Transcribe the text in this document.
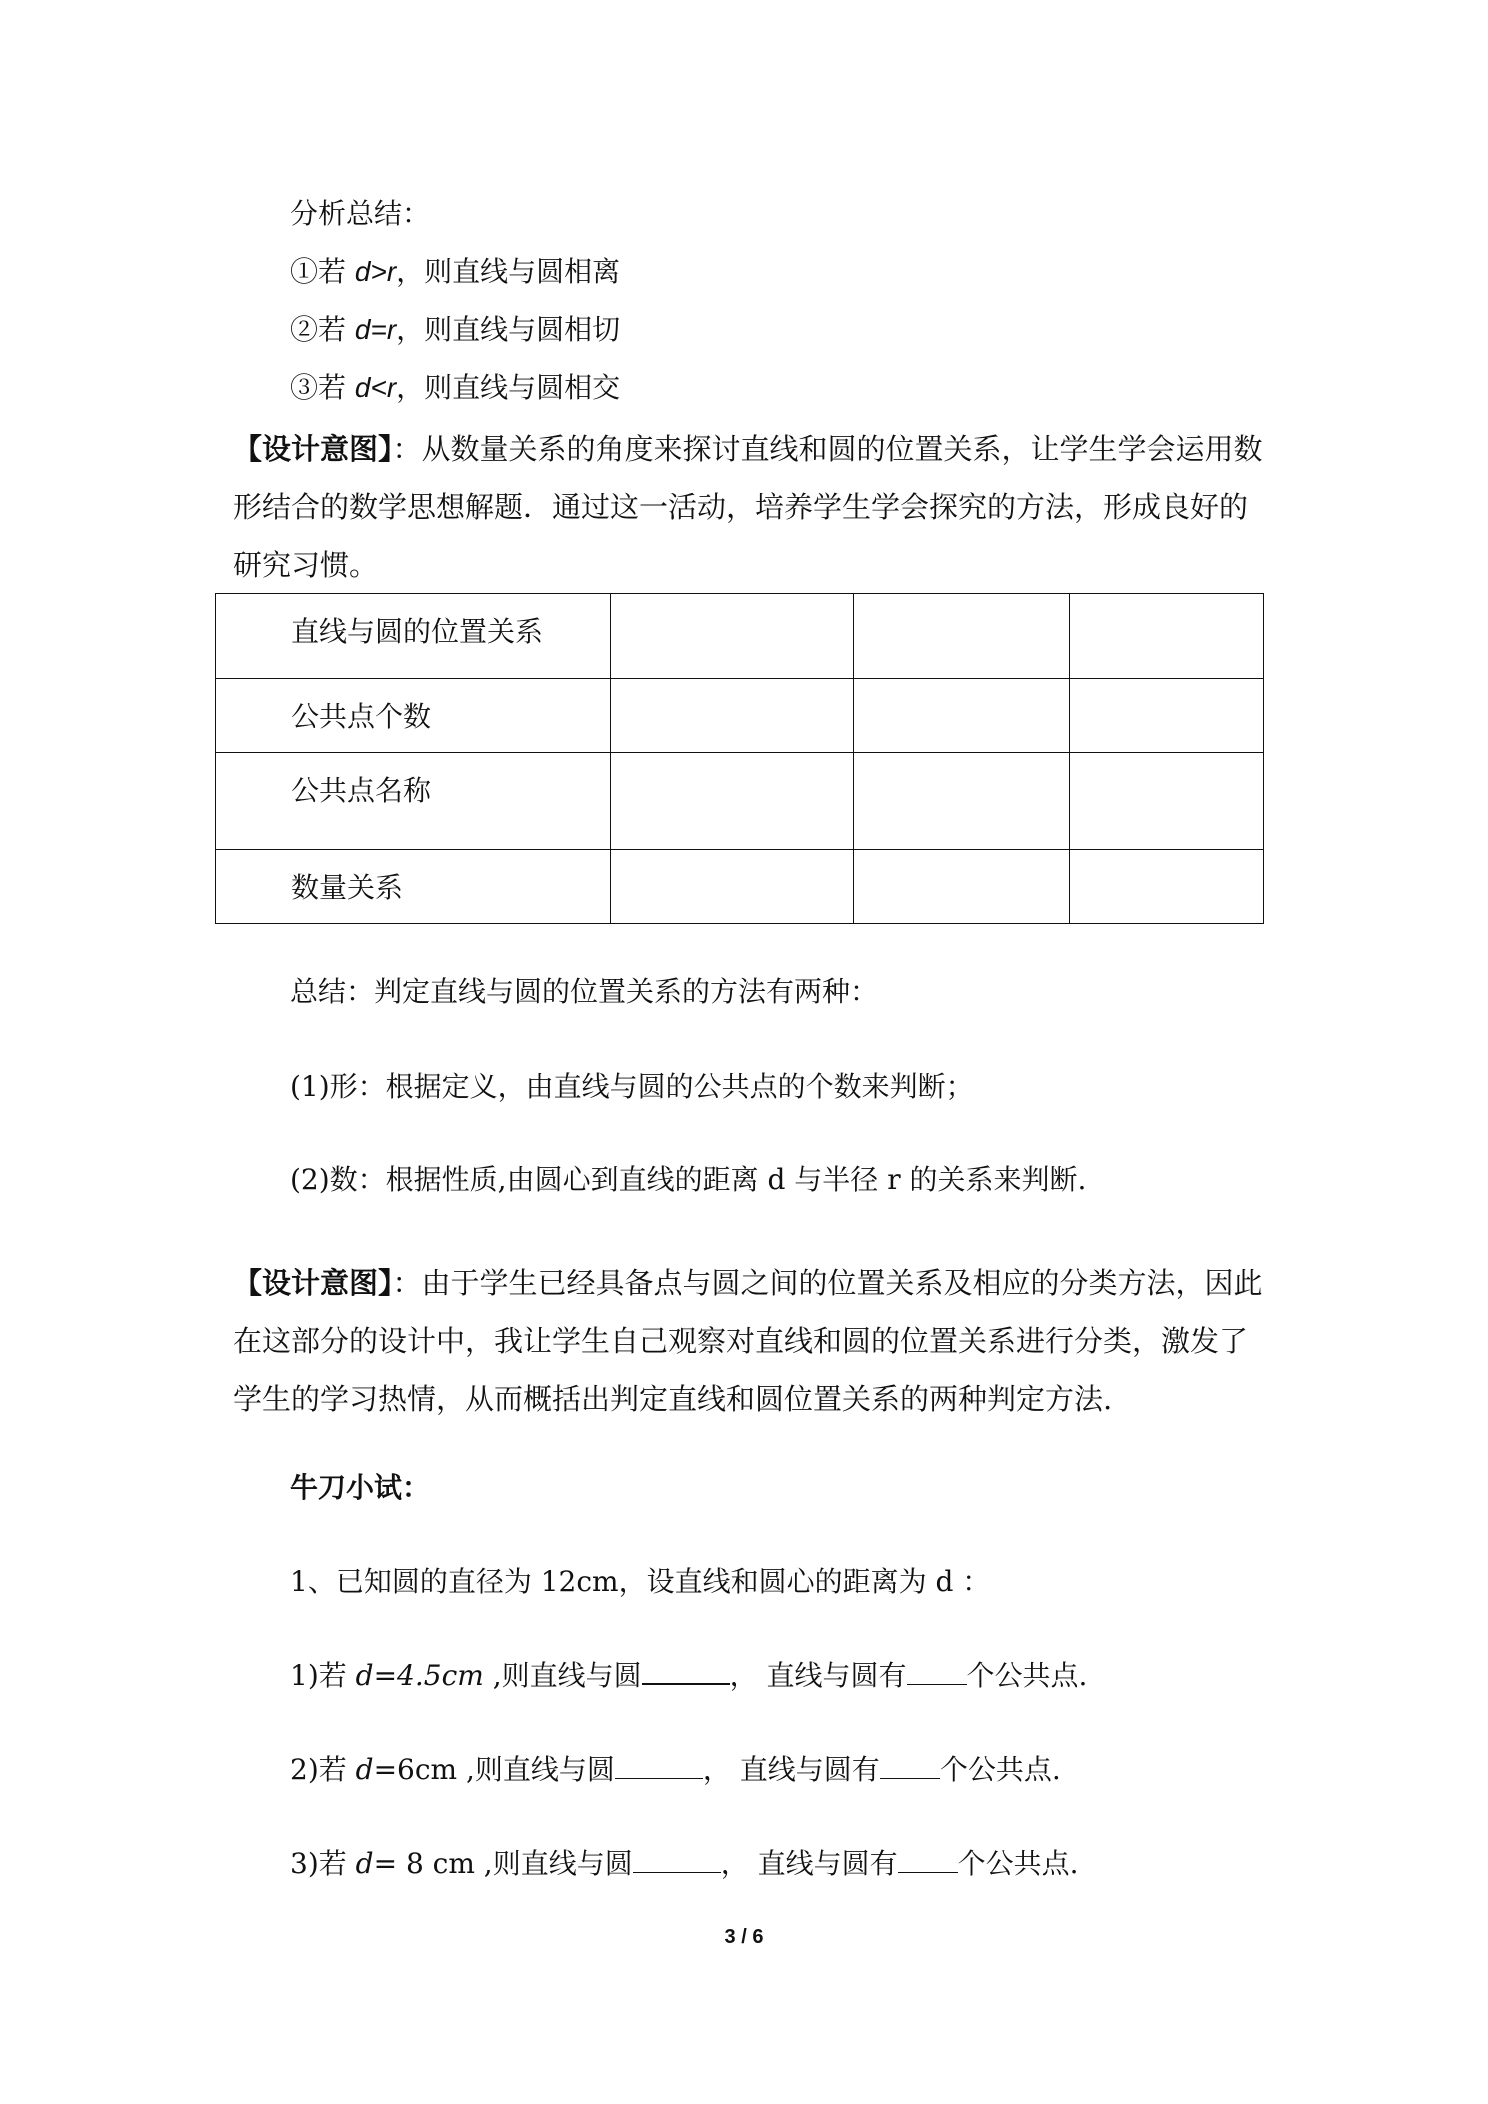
分析总结：
①若 d>r，则直线与圆相离
②若 d=r，则直线与圆相切
③若 d<r，则直线与圆相交
【设计意图】：从数量关系的角度来探讨直线和圆的位置关系，让学生学会运用数形结合的数学思想解题．通过这一活动，培养学生学会探究的方法，形成良好的研究习惯。
直线与圆的位置关系			
公共点个数			
公共点名称			
数量关系			
总结：判定直线与圆的位置关系的方法有两种：
(1)形：根据定义，由直线与圆的公共点的个数来判断；
(2)数：根据性质,由圆心到直线的距离 d 与半径 r 的关系来判断.
【设计意图】：由于学生已经具备点与圆之间的位置关系及相应的分类方法，因此在这部分的设计中，我让学生自己观察对直线和圆的位置关系进行分类，激发了学生的学习热情，从而概括出判定直线和圆位置关系的两种判定方法.
牛刀小试：
1、已知圆的直径为 12cm，设直线和圆心的距离为 d ：
1)若 d=4.5cm ,则直线与圆	， 直线与圆有 个公共点.
2)若 d=6cm ,则直线与圆	， 直线与圆有 个公共点.
3)若 d= 8 cm ,则直线与圆	， 直线与圆有 个公共点.
3 / 6
